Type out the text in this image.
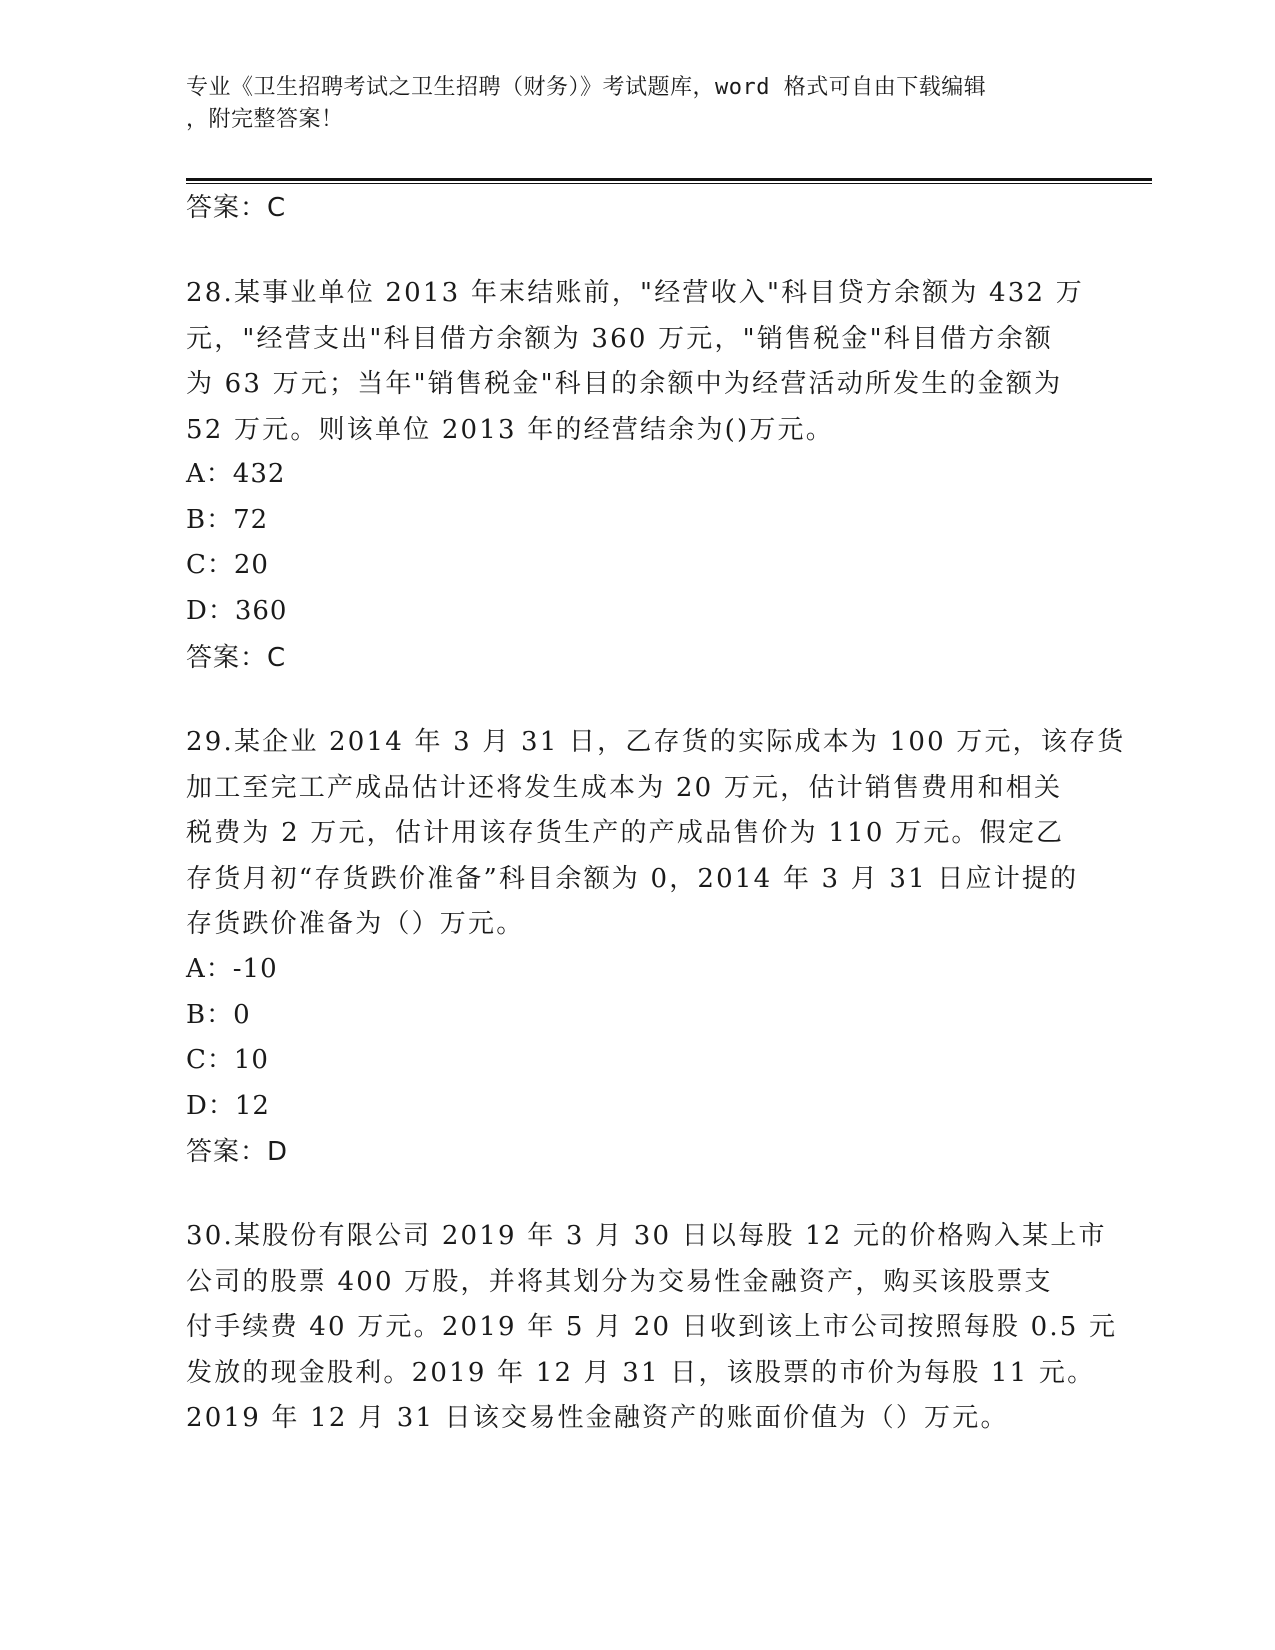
专业《卫生招聘考试之卫生招聘（财务）》考试题库，word 格式可自由下载编辑
，附完整答案！
答案：C
28.某事业单位 2013 年末结账前，"经营收入"科目贷方余额为 432 万
元，"经营支出"科目借方余额为 360 万元，"销售税金"科目借方余额
为 63 万元；当年"销售税金"科目的余额中为经营活动所发生的金额为
52 万元。则该单位 2013 年的经营结余为()万元。
A：432
B：72
C：20
D：360
答案：C
29.某企业 2014 年 3 月 31 日，乙存货的实际成本为 100 万元，该存货
加工至完工产成品估计还将发生成本为 20 万元，估计销售费用和相关
税费为 2 万元，估计用该存货生产的产成品售价为 110 万元。假定乙
存货月初“存货跌价准备”科目余额为 0，2014 年 3 月 31 日应计提的
存货跌价准备为（）万元。
A：-10
B：0
C：10
D：12
答案：D
30.某股份有限公司 2019 年 3 月 30 日以每股 12 元的价格购入某上市
公司的股票 400 万股，并将其划分为交易性金融资产，购买该股票支
付手续费 40 万元。2019 年 5 月 20 日收到该上市公司按照每股 0.5 元
发放的现金股利。2019 年 12 月 31 日，该股票的市价为每股 11 元。
2019 年 12 月 31 日该交易性金融资产的账面价值为（）万元。
